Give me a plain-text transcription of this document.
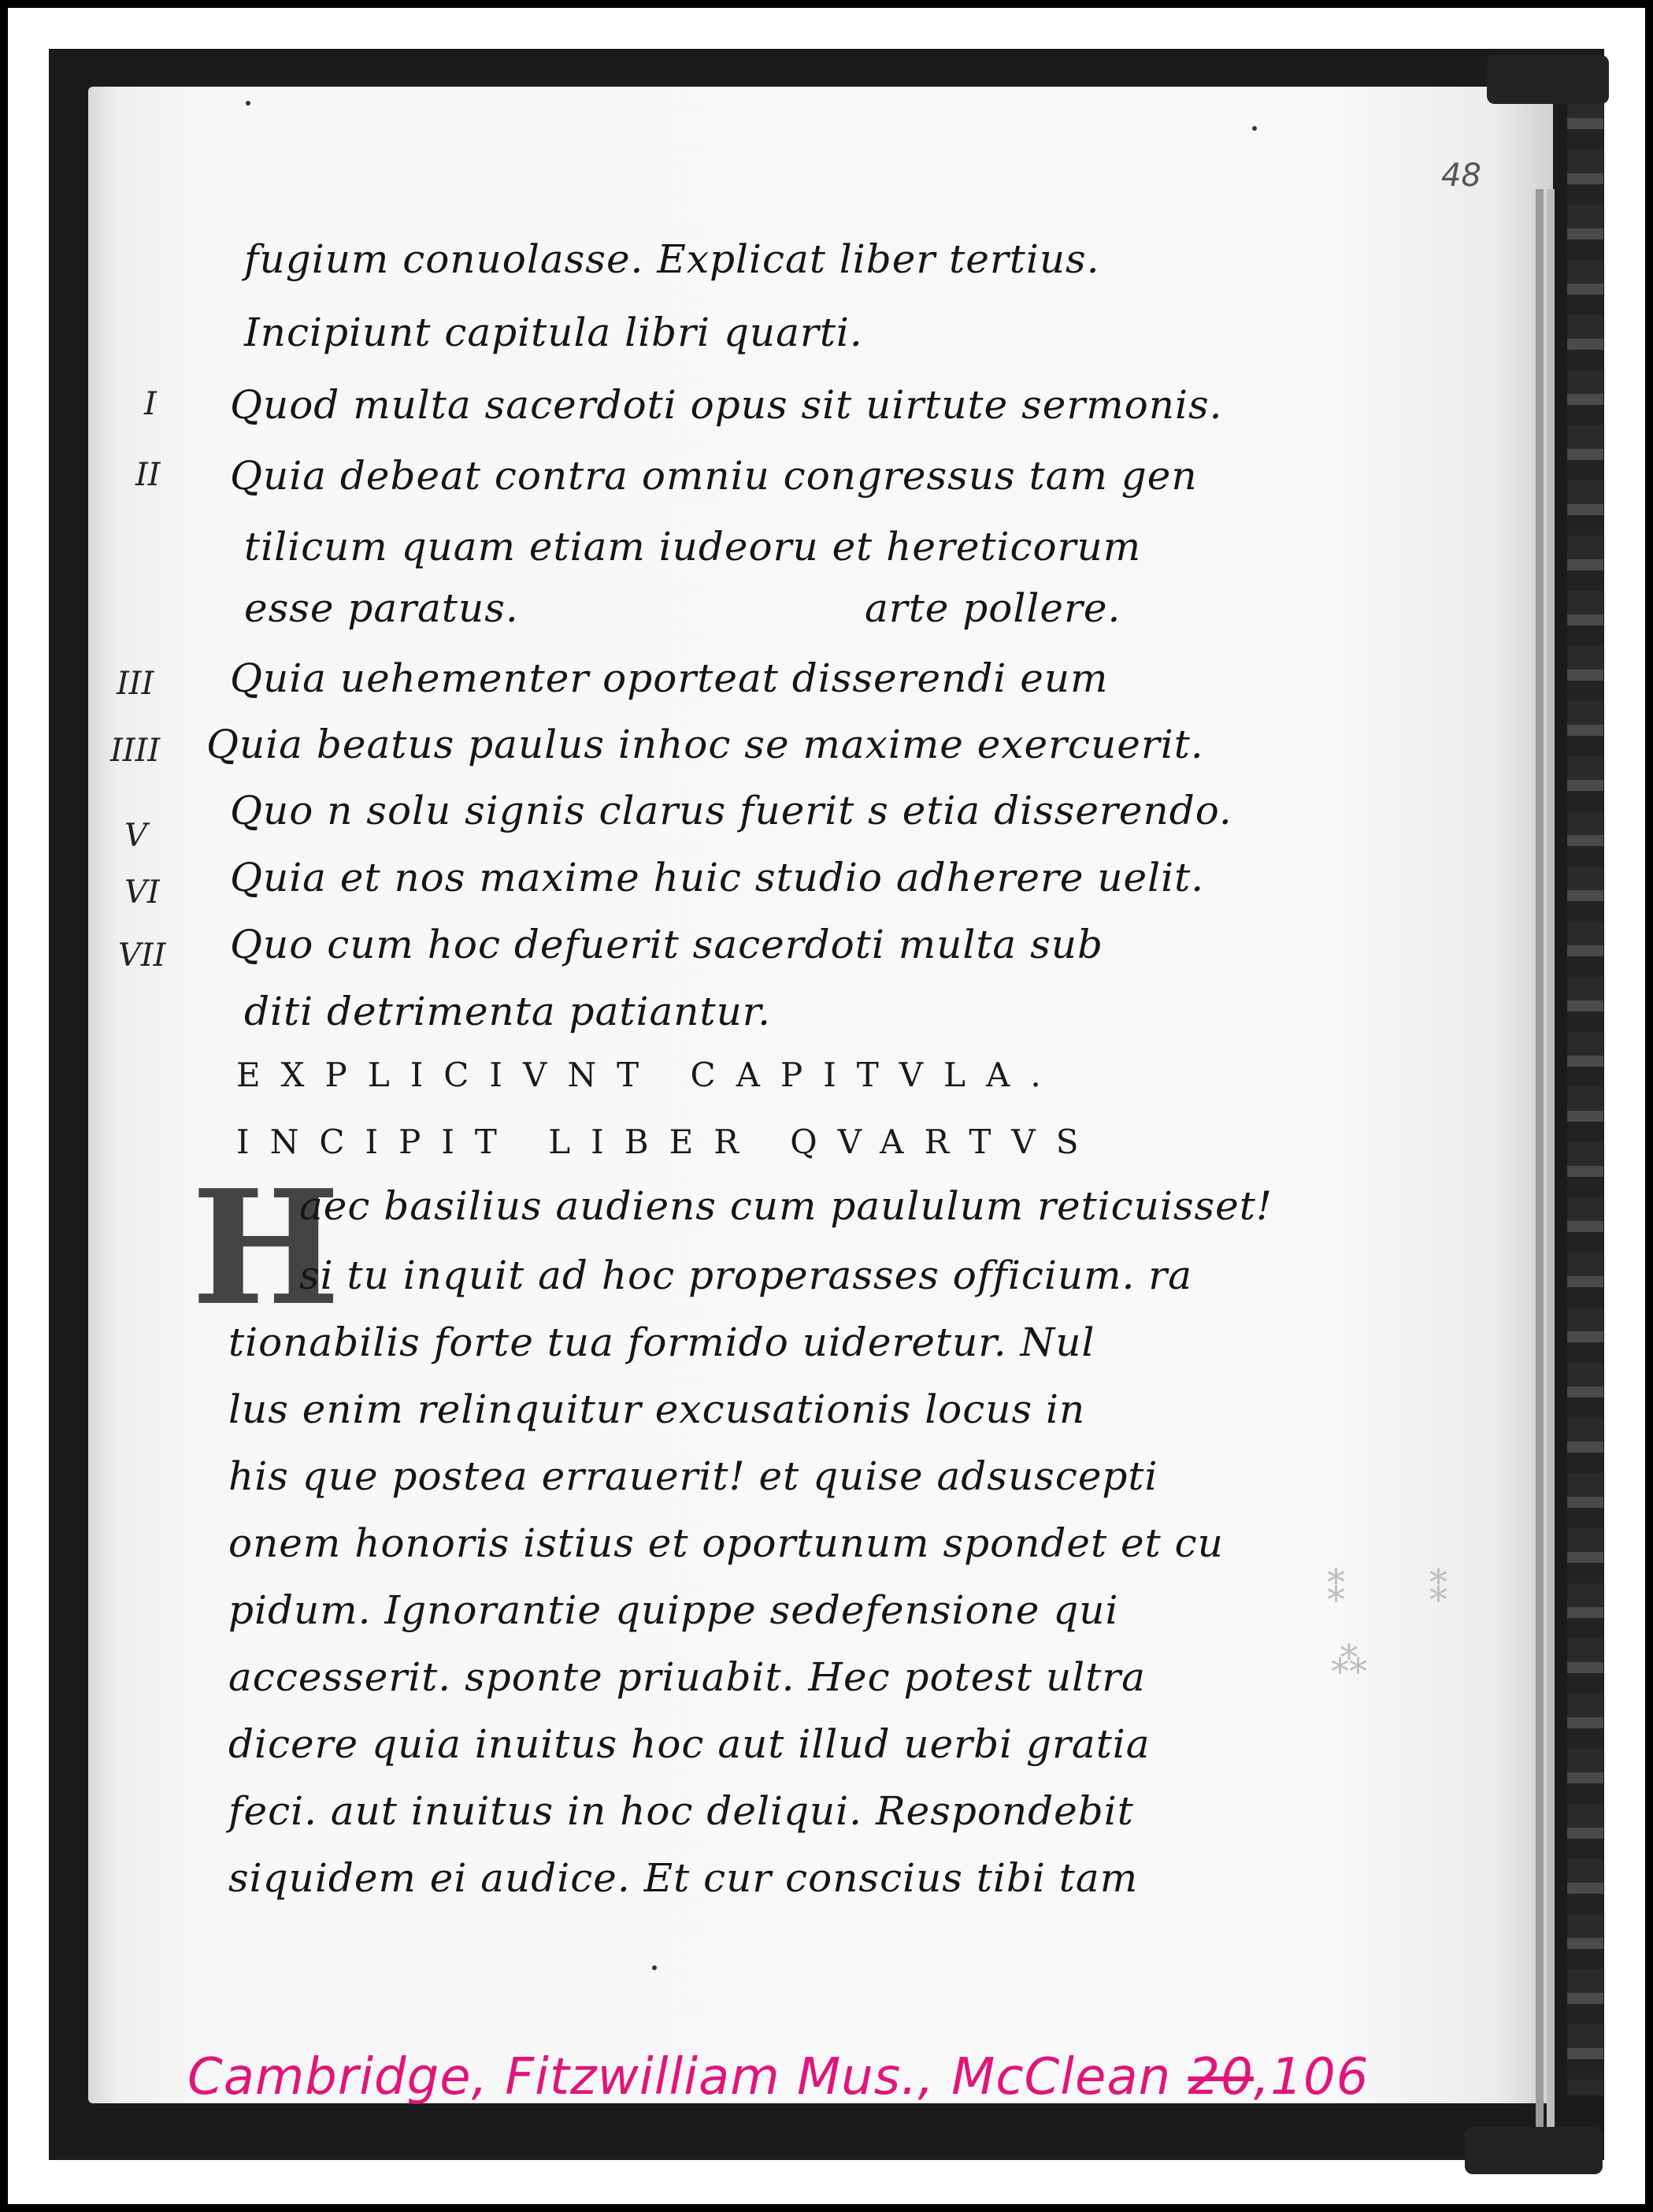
48
fugium conuolasse. Explicat liber tertius.
Incipiunt capitula libri quarti.
Quod multa sacerdoti opus sit uirtute sermonis.
Quia debeat contra omniu congressus tam gen
tilicum quam etiam iudeoru et hereticorum
esse paratus.	arte pollere.
Quia uehementer oporteat disserendi eum
Quia beatus paulus inhoc se maxime exercuerit.
Quo n solu signis clarus fuerit s etia disserendo.
Quia et nos maxime huic studio adherere uelit.
Quo cum hoc defuerit sacerdoti multa sub
diti detrimenta patiantur.
EXPLICIVNT CAPITVLA.
INCIPIT LIBER QVARTVS
H
aec basilius audiens cum paululum reticuisset!
si tu inquit ad hoc properasses officium. ra
tionabilis forte tua formido uideretur. Nul
lus enim relinquitur excusationis locus in
his que postea errauerit! et quise adsuscepti
onem honoris istius et oportunum spondet et cu
pidum. Ignorantie quippe sedefensione qui
accesserit. sponte priuabit. Hec potest ultra
dicere quia inuitus hoc aut illud uerbi gratia
feci. aut inuitus in hoc deliqui. Respondebit
siquidem ei audice. Et cur conscius tibi tam
I
II
III
IIII
V
VI
VII
⁑
⁂
⁑
Cambridge, Fitzwilliam Mus., McClean 20,106
